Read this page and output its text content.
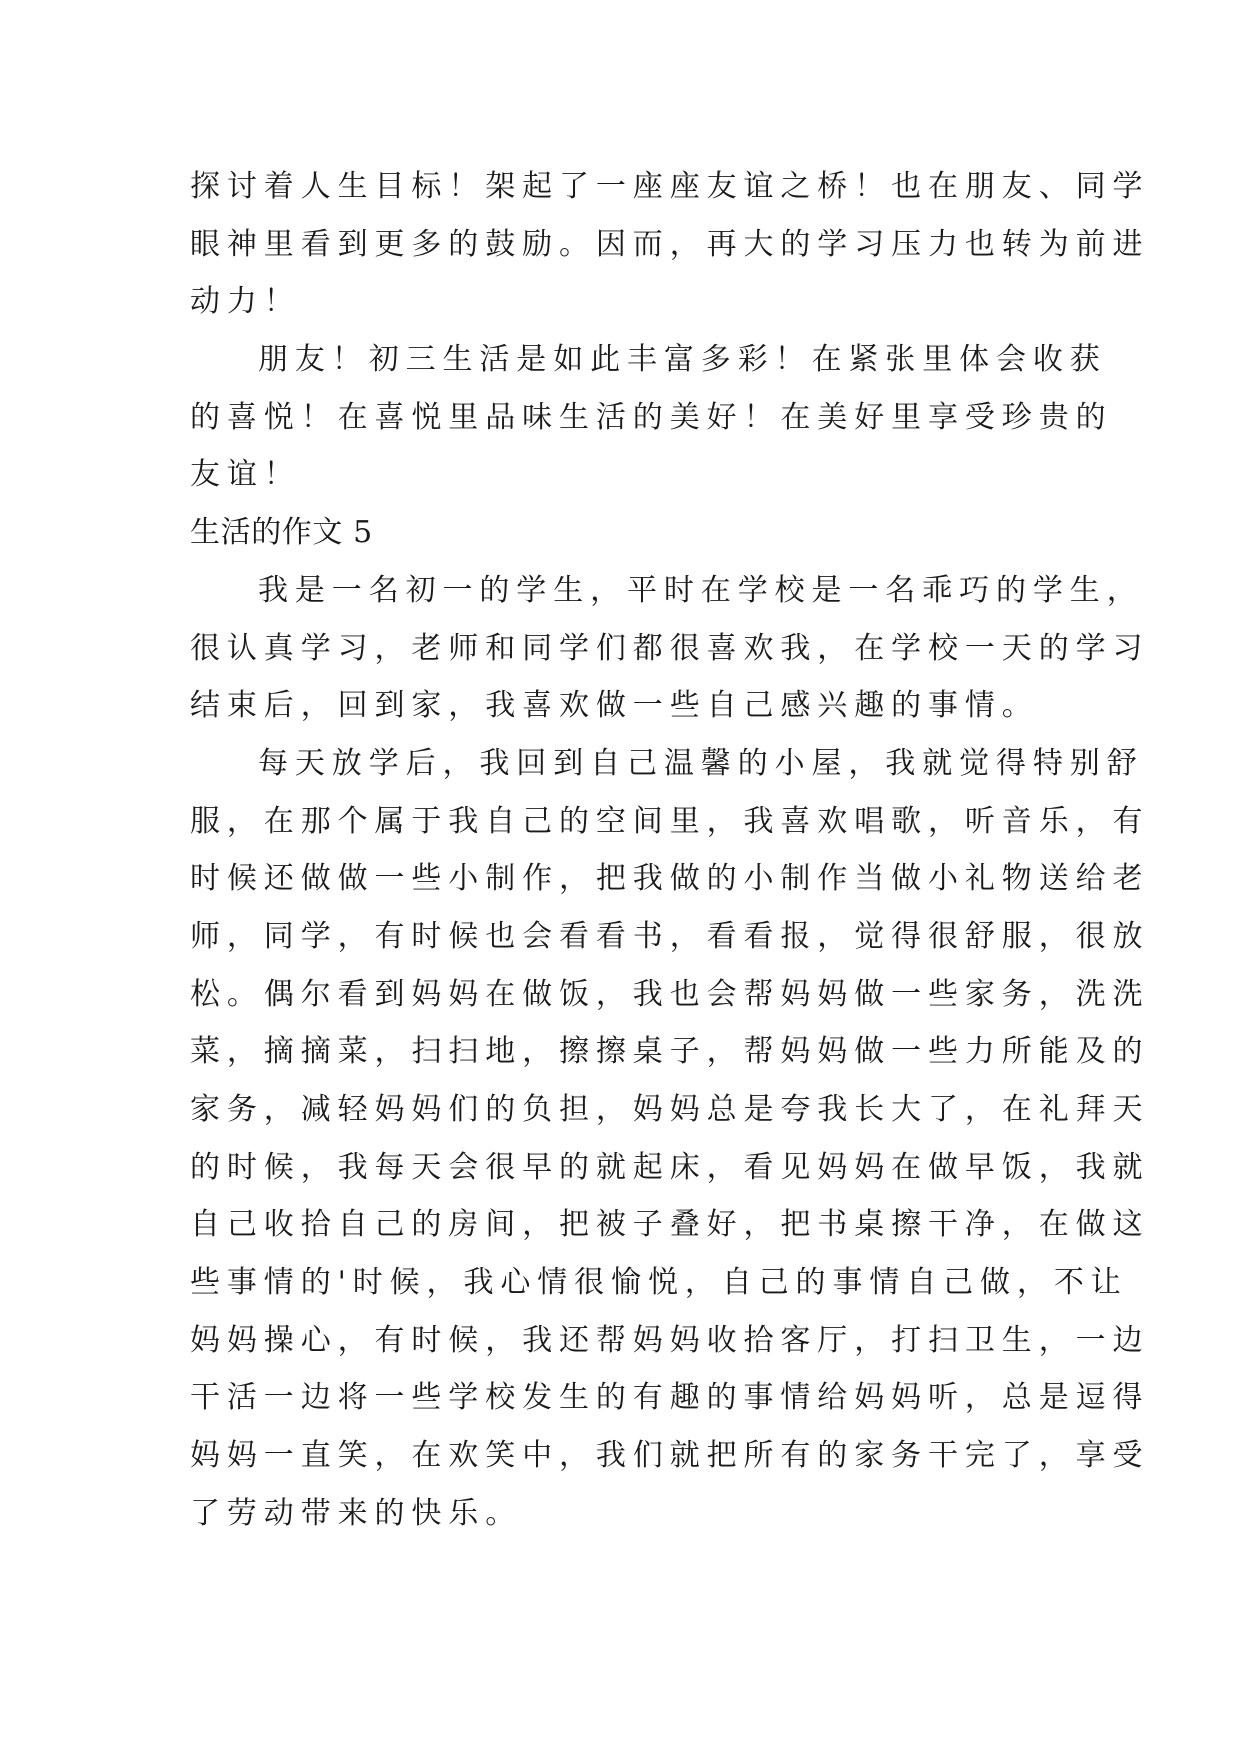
探讨着人生目标！架起了一座座友谊之桥！也在朋友、同学
眼神里看到更多的鼓励。因而，再大的学习压力也转为前进
动力！
朋友！初三生活是如此丰富多彩！在紧张里体会收获
的喜悦！在喜悦里品味生活的美好！在美好里享受珍贵的
友谊！
生活的作文 5
我是一名初一的学生，平时在学校是一名乖巧的学生，
很认真学习，老师和同学们都很喜欢我，在学校一天的学习
结束后，回到家，我喜欢做一些自己感兴趣的事情。
每天放学后，我回到自己温馨的小屋，我就觉得特别舒
服，在那个属于我自己的空间里，我喜欢唱歌，听音乐，有
时候还做做一些小制作，把我做的小制作当做小礼物送给老
师，同学，有时候也会看看书，看看报，觉得很舒服，很放
松。偶尔看到妈妈在做饭，我也会帮妈妈做一些家务，洗洗
菜，摘摘菜，扫扫地，擦擦桌子，帮妈妈做一些力所能及的
家务，减轻妈妈们的负担，妈妈总是夸我长大了，在礼拜天
的时候，我每天会很早的就起床，看见妈妈在做早饭，我就
自己收拾自己的房间，把被子叠好，把书桌擦干净，在做这
些事情的'时候，我心情很愉悦，自己的事情自己做，不让
妈妈操心，有时候，我还帮妈妈收拾客厅，打扫卫生，一边
干活一边将一些学校发生的有趣的事情给妈妈听，总是逗得
妈妈一直笑，在欢笑中，我们就把所有的家务干完了，享受
了劳动带来的快乐。
